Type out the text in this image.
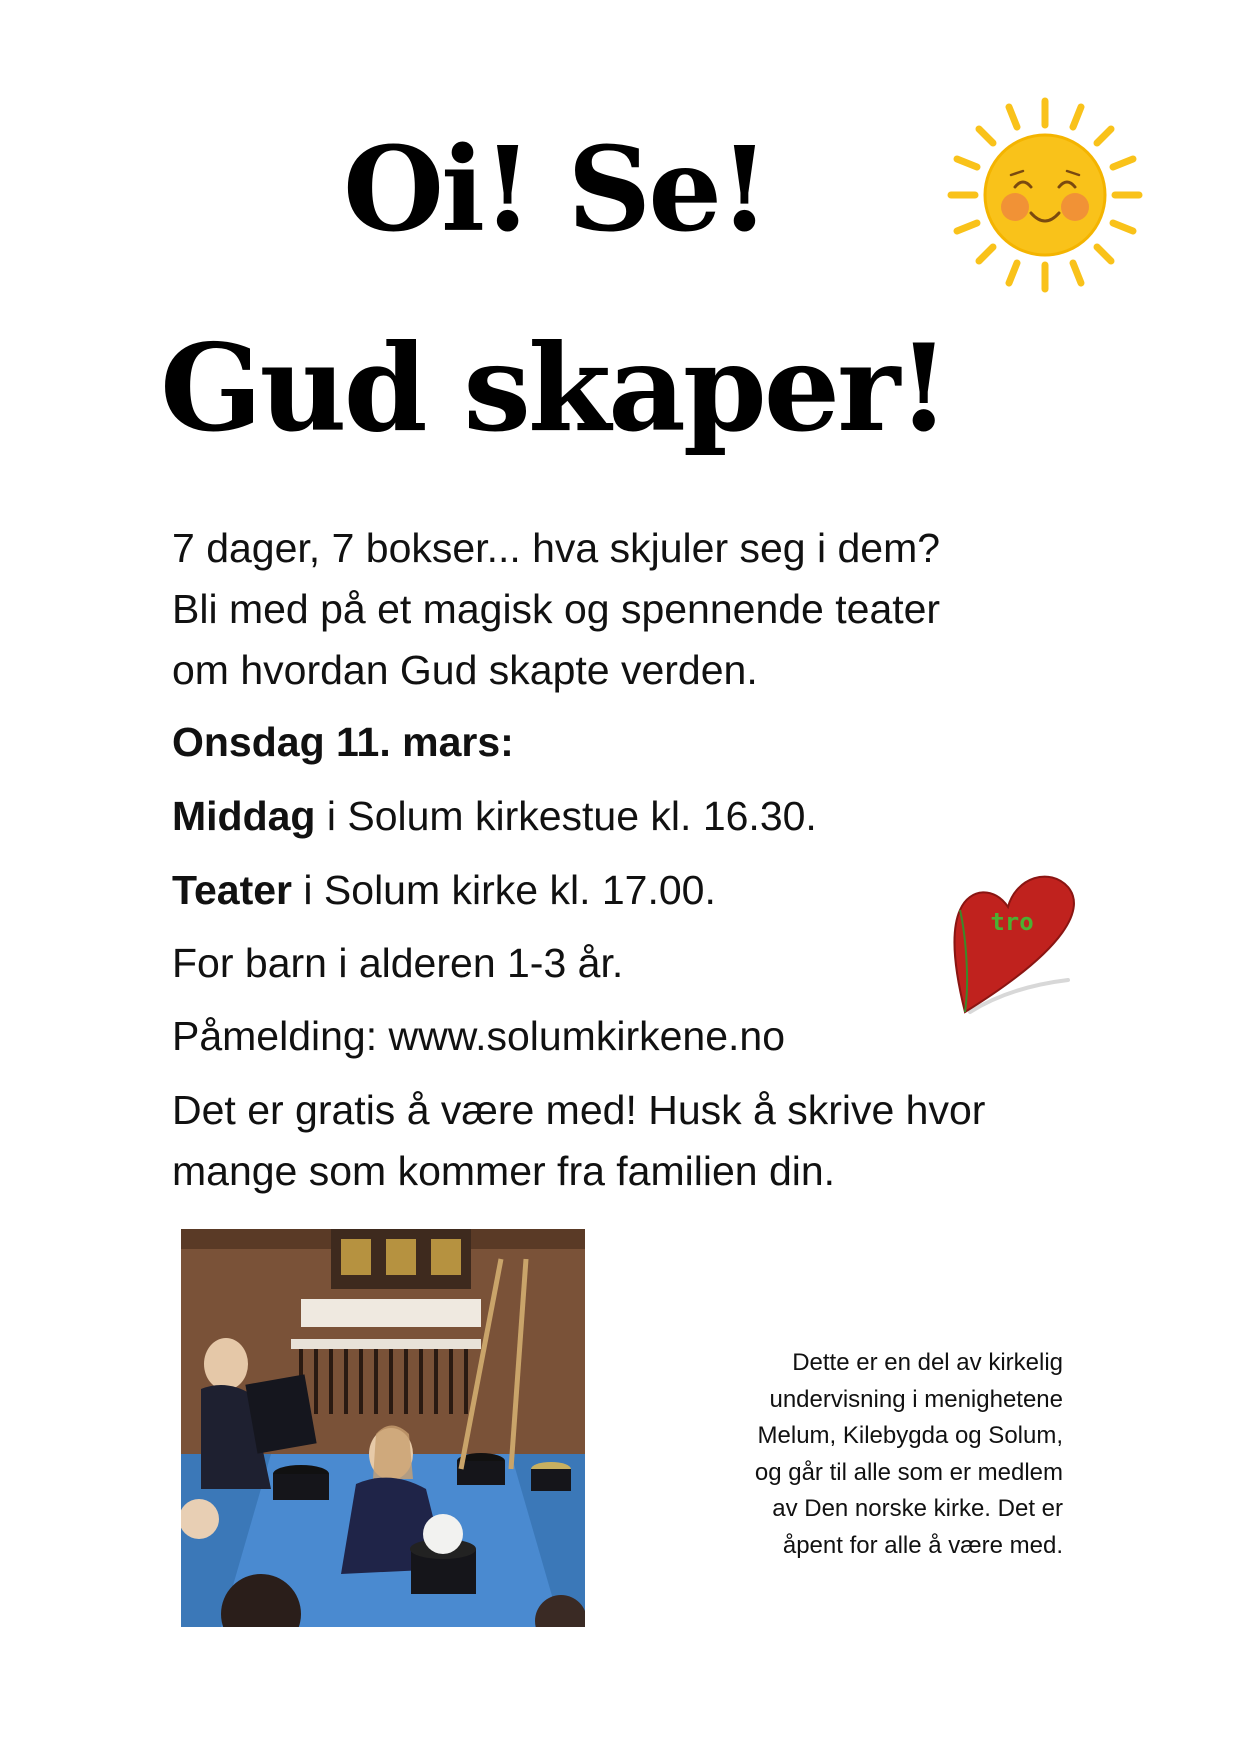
Oi! Se!
Gud skaper!

7 dager, 7 bokser... hva skjuler seg i dem?
Bli med på et magisk og spennende teater
om hvordan Gud skapte verden.

Onsdag 11. mars:

Middag i Solum kirkestue kl. 16.30.

Teater i Solum kirke kl. 17.00.

For barn i alderen 1-3 år.

Påmelding: www.solumkirkene.no

Det er gratis å være med! Husk å skrive hvor
mange som kommer fra familien din.

tro
Dette er en del av kirkelig
undervisning i menighetene
Melum, Kilebygda og Solum,
og går til alle som er medlem
av Den norske kirke. Det er
åpent for alle å være med.
